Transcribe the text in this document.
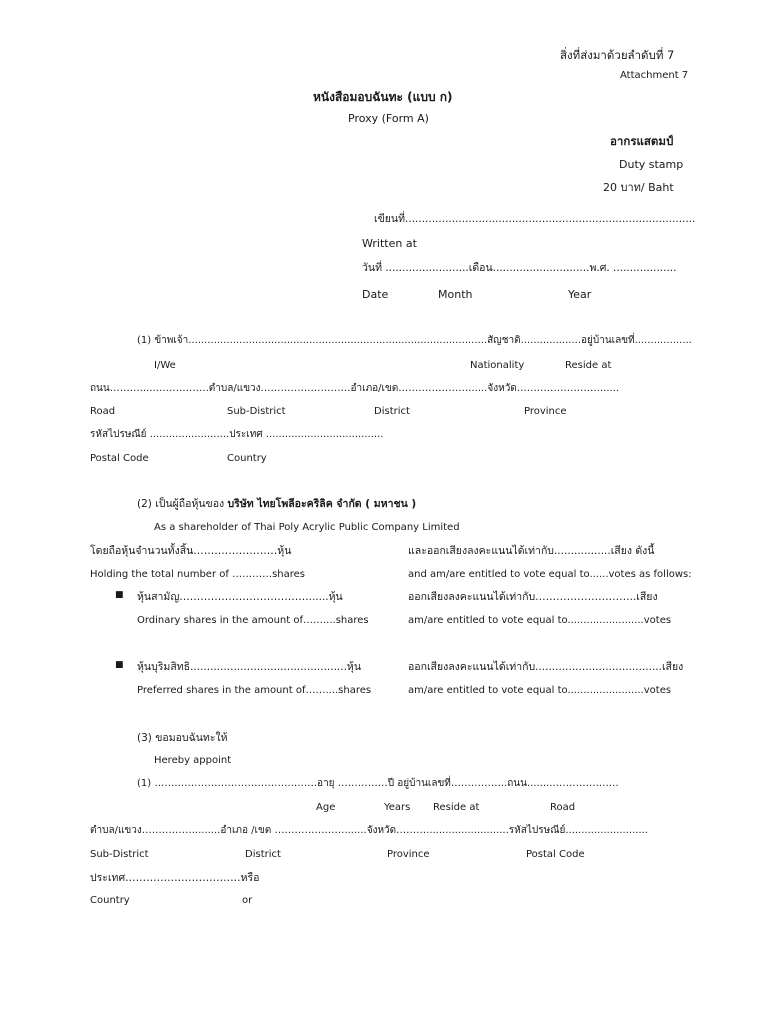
สิ่งที่ส่งมาด้วยลำดับที่ 7
Attachment 7
หนังสือมอบฉันทะ (แบบ ก)
Proxy (Form A)
อากรแสตมป์
Duty stamp
20 บาท/ Baht
เขียนที่.......................................................................................
Written at
วันที่ .........................เดือน.............................พ.ศ. ...................
Date	Month	Year
(1) ข้าพเจ้า..............................................................................................สัญชาติ...................อยู่บ้านเลขที่..................
I/We	Nationality	Reside at
ถนน……….....…………….ตำบล/แขวง………………………อำเภอ/เขต…………………......จังหวัด…………………….......
Road	Sub-District	District	Province
รหัสไปรษณีย์ .........................ประเทศ .....................................
Postal Code	Country
(2) เป็นผู้ถือหุ้นของ บริษัท ไทยโพลีอะคริลิค จำกัด ( มหาชน )
As a shareholder of Thai Poly Acrylic Public Company Limited
โดยถือหุ้นจำนวนทั้งสิ้น……………………หุ้น	และออกเสียงลงคะแนนได้เท่ากับ.................เสียง ดังนี้
Holding the total number of …………shares	and am/are entitled to vote equal to......votes as follows:
■ หุ้นสามัญ……………………………….......หุ้น	ออกเสียงลงคะแนนได้เท่ากับ………………………..เสียง
Ordinary shares in the amount of……....shares	am/are entitled to vote equal to........................votes
■ หุ้นบุริมสิทธิ...............................................หุ้น	ออกเสียงลงคะแนนได้เท่ากับ......................................เสียง
Preferred shares in the amount of……....shares	am/are entitled to vote equal to........................votes
(3) ขอมอบฉันทะให้
Hereby appoint
(1) …….……………………………..…….อายุ ……………ปี อยู่บ้านเลขที่……………..ถนน.........………….……
Age	Years Reside at	Road
ตำบล/แขวง…………….........อำเภอ /เขต ………………….......จังหวัด………..........................รหัสไปรษณีย์..........................
Sub-District	District	Province	Postal Code
ประเทศ……………………………หรือ
Country	or
